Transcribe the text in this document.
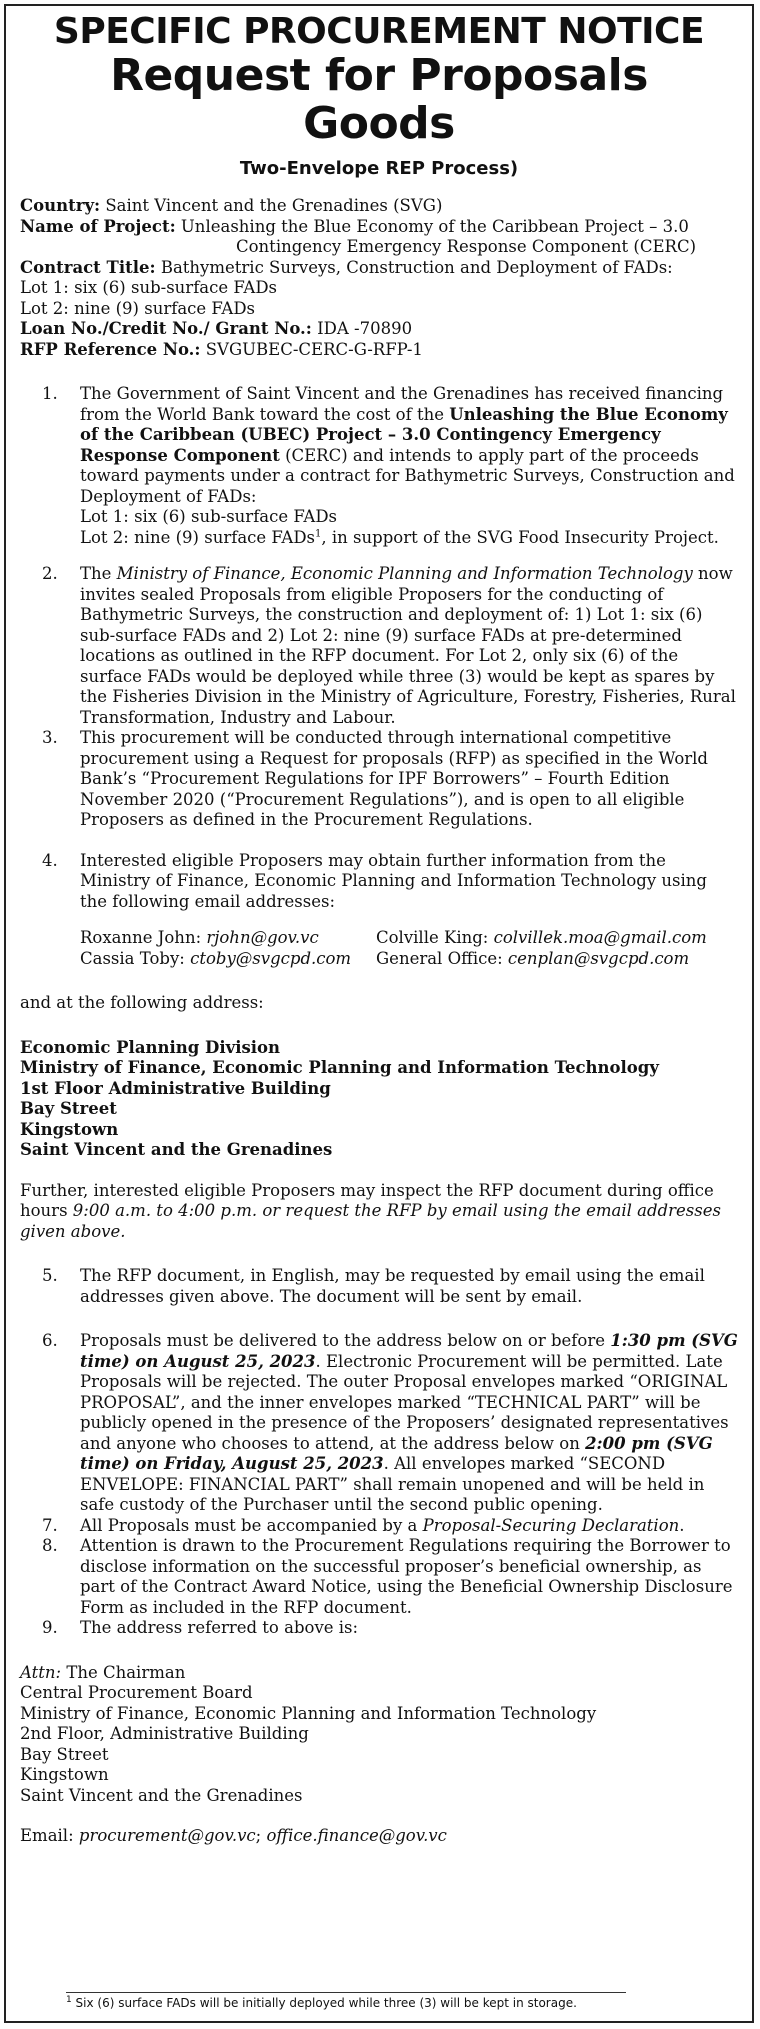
SPECIFIC PROCUREMENT NOTICE
Request for Proposals
Goods
Two-Envelope REP Process)
Country: Saint Vincent and the Grenadines (SVG)
Name of Project: Unleashing the Blue Economy of the Caribbean Project – 3.0
Contingency Emergency Response Component (CERC)
Contract Title: Bathymetric Surveys, Construction and Deployment of FADs:
Lot 1: six (6) sub-surface FADs
Lot 2: nine (9) surface FADs
Loan No./Credit No./ Grant No.: IDA -70890
RFP Reference No.: SVGUBEC-CERC-G-RFP-1
1. The Government of Saint Vincent and the Grenadines has received financing from the World Bank toward the cost of the Unleashing the Blue Economy of the Caribbean (UBEC) Project – 3.0 Contingency Emergency Response Component (CERC) and intends to apply part of the proceeds toward payments under a contract for Bathymetric Surveys, Construction and Deployment of FADs:
Lot 1: six (6) sub-surface FADs
Lot 2: nine (9) surface FADs$^1$, in support of the SVG Food Insecurity Project.
2. The Ministry of Finance, Economic Planning and Information Technology now invites sealed Proposals from eligible Proposers for the conducting of Bathymetric Surveys, the construction and deployment of: 1) Lot 1: six (6) sub-surface FADs and 2) Lot 2: nine (9) surface FADs at pre-determined locations as outlined in the RFP document. For Lot 2, only six (6) of the surface FADs would be deployed while three (3) would be kept as spares by the Fisheries Division in the Ministry of Agriculture, Forestry, Fisheries, Rural Transformation, Industry and Labour.
3. This procurement will be conducted through international competitive procurement using a Request for proposals (RFP) as specified in the World Bank’s “Procurement Regulations for IPF Borrowers” – Fourth Edition November 2020 (“Procurement Regulations”), and is open to all eligible Proposers as defined in the Procurement Regulations.
4. Interested eligible Proposers may obtain further information from the Ministry of Finance, Economic Planning and Information Technology using the following email addresses:
Roxanne John: rjohn@gov.vc	Colville King: colvillek.moa@gmail.com
Cassia Toby: ctoby@svgcpd.com	General Office: cenplan@svgcpd.com
and at the following address:
Economic Planning Division
Ministry of Finance, Economic Planning and Information Technology
1st Floor Administrative Building
Bay Street
Kingstown
Saint Vincent and the Grenadines
Further, interested eligible Proposers may inspect the RFP document during office hours 9:00 a.m. to 4:00 p.m. or request the RFP by email using the email addresses given above.
5. The RFP document, in English, may be requested by email using the email addresses given above. The document will be sent by email.
6. Proposals must be delivered to the address below on or before 1:30 pm (SVG time) on August 25, 2023. Electronic Procurement will be permitted. Late Proposals will be rejected. The outer Proposal envelopes marked “ORIGINAL PROPOSAL”, and the inner envelopes marked “TECHNICAL PART” will be publicly opened in the presence of the Proposers’ designated representatives and anyone who chooses to attend, at the address below on 2:00 pm (SVG time) on Friday, August 25, 2023. All envelopes marked “SECOND ENVELOPE: FINANCIAL PART” shall remain unopened and will be held in safe custody of the Purchaser until the second public opening.
7. All Proposals must be accompanied by a Proposal-Securing Declaration.
8. Attention is drawn to the Procurement Regulations requiring the Borrower to disclose information on the successful proposer’s beneficial ownership, as part of the Contract Award Notice, using the Beneficial Ownership Disclosure Form as included in the RFP document.
9. The address referred to above is:
Attn: The Chairman
Central Procurement Board
Ministry of Finance, Economic Planning and Information Technology
2nd Floor, Administrative Building
Bay Street
Kingstown
Saint Vincent and the Grenadines
Email: procurement@gov.vc; office.finance@gov.vc
$^1$ Six (6) surface FADs will be initially deployed while three (3) will be kept in storage.
